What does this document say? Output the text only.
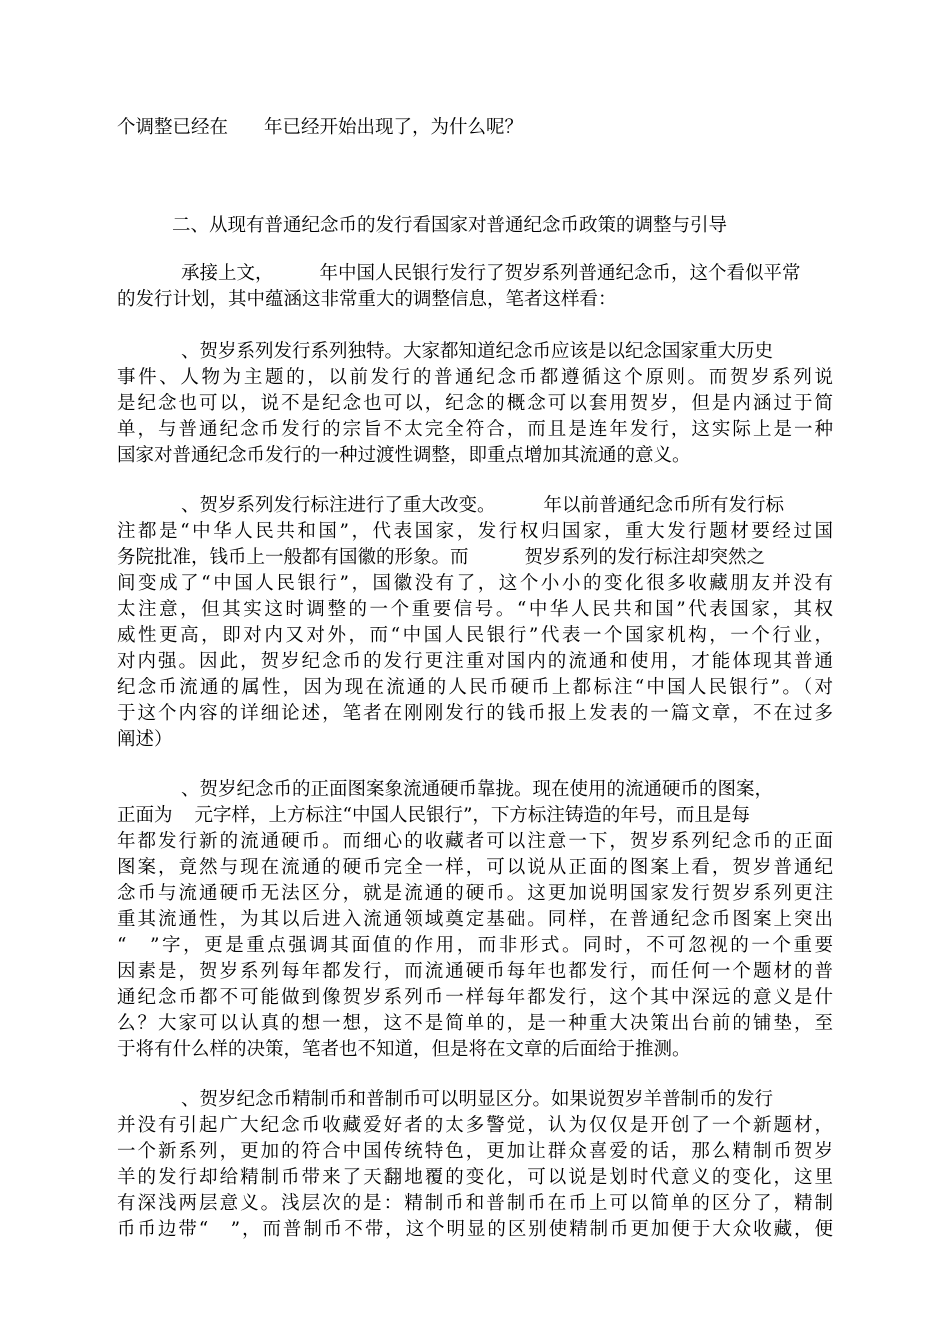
个调整已经在 年已经开始出现了，为什么呢？
二、从现有普通纪念币的发行看国家对普通纪念币政策的调整与引导
承接上文， 年中国人民银行发行了贺岁系列普通纪念币，这个看似平常
的发行计划，其中蕴涵这非常重大的调整信息，笔者这样看：
、贺岁系列发行系列独特。大家都知道纪念币应该是以纪念国家重大历史
事件、人物为主题的，以前发行的普通纪念币都遵循这个原则。而贺岁系列说
是纪念也可以，说不是纪念也可以，纪念的概念可以套用贺岁，但是内涵过于简
单，与普通纪念币发行的宗旨不太完全符合，而且是连年发行，这实际上是一种
国家对普通纪念币发行的一种过渡性调整，即重点增加其流通的意义。
、贺岁系列发行标注进行了重大改变。	年以前普通纪念币所有发行标
注都是“中华人民共和国”，代表国家，发行权归国家，重大发行题材要经过国
务院批准，钱币上一般都有国徽的形象。而	贺岁系列的发行标注却突然之
间变成了“中国人民银行”，国徽没有了，这个小小的变化很多收藏朋友并没有
太注意，但其实这时调整的一个重要信号。“中华人民共和国”代表国家，其权
威性更高，即对内又对外，而“中国人民银行”代表一个国家机构，一个行业，
对内强。因此，贺岁纪念币的发行更注重对国内的流通和使用，才能体现其普通
纪念币流通的属性，因为现在流通的人民币硬币上都标注“中国人民银行”。（对
于这个内容的详细论述，笔者在刚刚发行的钱币报上发表的一篇文章，不在过多
阐述）
、贺岁纪念币的正面图案象流通硬币靠拢。现在使用的流通硬币的图案，
正面为 元字样，上方标注“中国人民银行”，下方标注铸造的年号，而且是每
年都发行新的流通硬币。而细心的收藏者可以注意一下，贺岁系列纪念币的正面
图案，竟然与现在流通的硬币完全一样，可以说从正面的图案上看，贺岁普通纪
念币与流通硬币无法区分，就是流通的硬币。这更加说明国家发行贺岁系列更注
重其流通性，为其以后进入流通领域奠定基础。同样，在普通纪念币图案上突出
“　”字，更是重点强调其面值的作用，而非形式。同时，不可忽视的一个重要
因素是，贺岁系列每年都发行，而流通硬币每年也都发行，而任何一个题材的普
通纪念币都不可能做到像贺岁系列币一样每年都发行，这个其中深远的意义是什
么？大家可以认真的想一想，这不是简单的，是一种重大决策出台前的铺垫，至
于将有什么样的决策，笔者也不知道，但是将在文章的后面给于推测。
、贺岁纪念币精制币和普制币可以明显区分。如果说贺岁羊普制币的发行
并没有引起广大纪念币收藏爱好者的太多警觉，认为仅仅是开创了一个新题材，
一个新系列，更加的符合中国传统特色，更加让群众喜爱的话，那么精制币贺岁
羊的发行却给精制币带来了天翻地覆的变化，可以说是划时代意义的变化，这里
有深浅两层意义。浅层次的是：精制币和普制币在币上可以简单的区分了，精制
币币边带“　”，而普制币不带，这个明显的区别使精制币更加便于大众收藏，便
